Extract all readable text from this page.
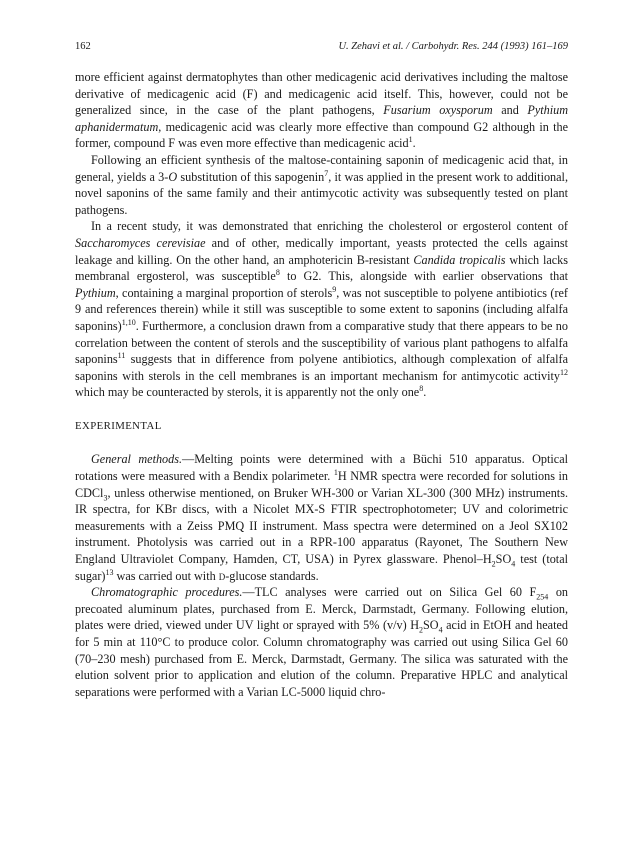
162	U. Zehavi et al. / Carbohydr. Res. 244 (1993) 161–169

more efficient against dermatophytes than other medicagenic acid derivatives including the maltose derivative of medicagenic acid (F) and medicagenic acid itself. This, however, could not be generalized since, in the case of the plant pathogens, Fusarium oxysporum and Pythium aphanidermatum, medicagenic acid was clearly more effective than compound G2 although in the former, compound F was even more effective than medicagenic acid$^1$.

Following an efficient synthesis of the maltose-containing saponin of medicagenic acid that, in general, yields a 3-O substitution of this sapogenin$^7$, it was applied in the present work to additional, novel saponins of the same family and their antimycotic activity was subsequently tested on plant pathogens.

In a recent study, it was demonstrated that enriching the cholesterol or ergosterol content of Saccharomyces cerevisiae and of other, medically important, yeasts protected the cells against leakage and killing. On the other hand, an amphotericin B-resistant Candida tropicalis which lacks membranal ergosterol, was susceptible$^8$ to G2. This, alongside with earlier observations that Pythium, containing a marginal proportion of sterols$^9$, was not susceptible to polyene antibiotics (ref 9 and references therein) while it still was susceptible to some extent to saponins (including alfalfa saponins)$^{1,10}$. Furthermore, a conclusion drawn from a comparative study that there appears to be no correlation between the content of sterols and the susceptibility of various plant pathogens to alfalfa saponins$^{11}$ suggests that in difference from polyene antibiotics, although complexation of alfalfa saponins with sterols in the cell membranes is an important mechanism for antimycotic activity$^{12}$ which may be counteracted by sterols, it is apparently not the only one$^8$.

EXPERIMENTAL

General methods.—Melting points were determined with a Büchi 510 apparatus. Optical rotations were measured with a Bendix polarimeter. $^1$H NMR spectra were recorded for solutions in CDCl$_3$, unless otherwise mentioned, on Bruker WH-300 or Varian XL-300 (300 MHz) instruments. IR spectra, for KBr discs, with a Nicolet MX-S FTIR spectrophotometer; UV and colorimetric measurements with a Zeiss PMQ II instrument. Mass spectra were determined on a Jeol SX102 instrument. Photolysis was carried out in a RPR-100 apparatus (Rayonet, The Southern New England Ultraviolet Company, Hamden, CT, USA) in Pyrex glassware. Phenol–$H_2SO_4$ test (total sugar)$^{13}$ was carried out with d-glucose standards.

Chromatographic procedures.—TLC analyses were carried out on Silica Gel 60 $F_{254}$ on precoated aluminum plates, purchased from E. Merck, Darmstadt, Germany. Following elution, plates were dried, viewed under UV light or sprayed with 5% (v/v) $H_2SO_4$ acid in EtOH and heated for 5 min at 110°C to produce color. Column chromatography was carried out using Silica Gel 60 (70–230 mesh) purchased from E. Merck, Darmstadt, Germany. The silica was saturated with the elution solvent prior to application and elution of the column. Preparative HPLC and analytical separations were performed with a Varian LC-5000 liquid chro-
